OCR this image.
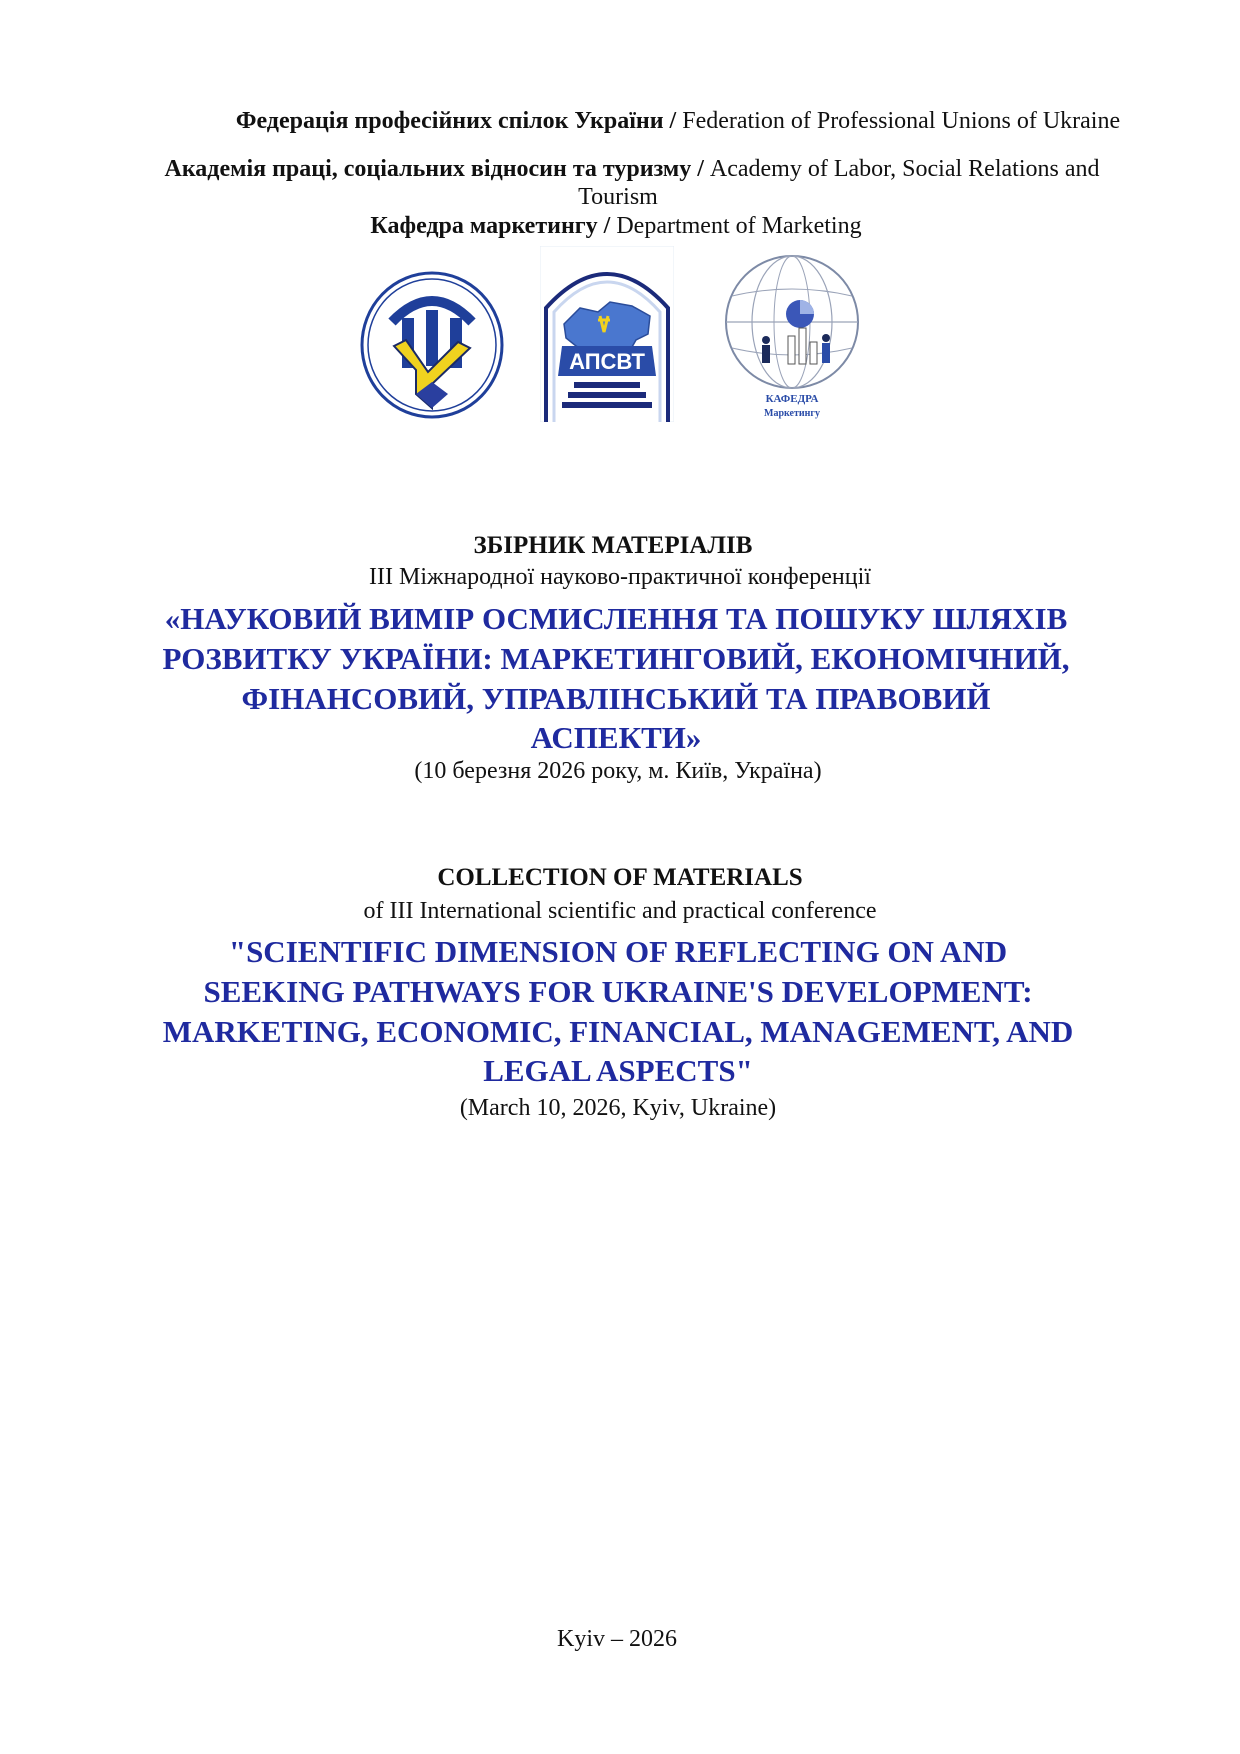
Федерація професійних спілок України / Federation of Professional Unions of Ukraine
Академія праці, соціальних відносин та туризму / Academy of Labor, Social Relations and
Tourism
Кафедра маркетингу / Department of Marketing
АПСВТ
КАФЕДРА
Маркетингу
ЗБІРНИК МАТЕРІАЛІВ
III Міжнародної науково-практичної конференції
«НАУКОВИЙ ВИМІР ОСМИСЛЕННЯ ТА ПОШУКУ ШЛЯХІВ
РОЗВИТКУ УКРАЇНИ: МАРКЕТИНГОВИЙ, ЕКОНОМІЧНИЙ,
ФІНАНСОВИЙ, УПРАВЛІНСЬКИЙ ТА ПРАВОВИЙ
АСПЕКТИ»
(10 березня 2026 року, м. Київ, Україна)
COLLECTION OF MATERIALS
of III International scientific and practical conference
"SCIENTIFIC DIMENSION OF REFLECTING ON AND
SEEKING PATHWAYS FOR UKRAINE'S DEVELOPMENT:
MARKETING, ECONOMIC, FINANCIAL, MANAGEMENT, AND
LEGAL ASPECTS"
(March 10, 2026, Kyiv, Ukraine)
Kyiv – 2026
